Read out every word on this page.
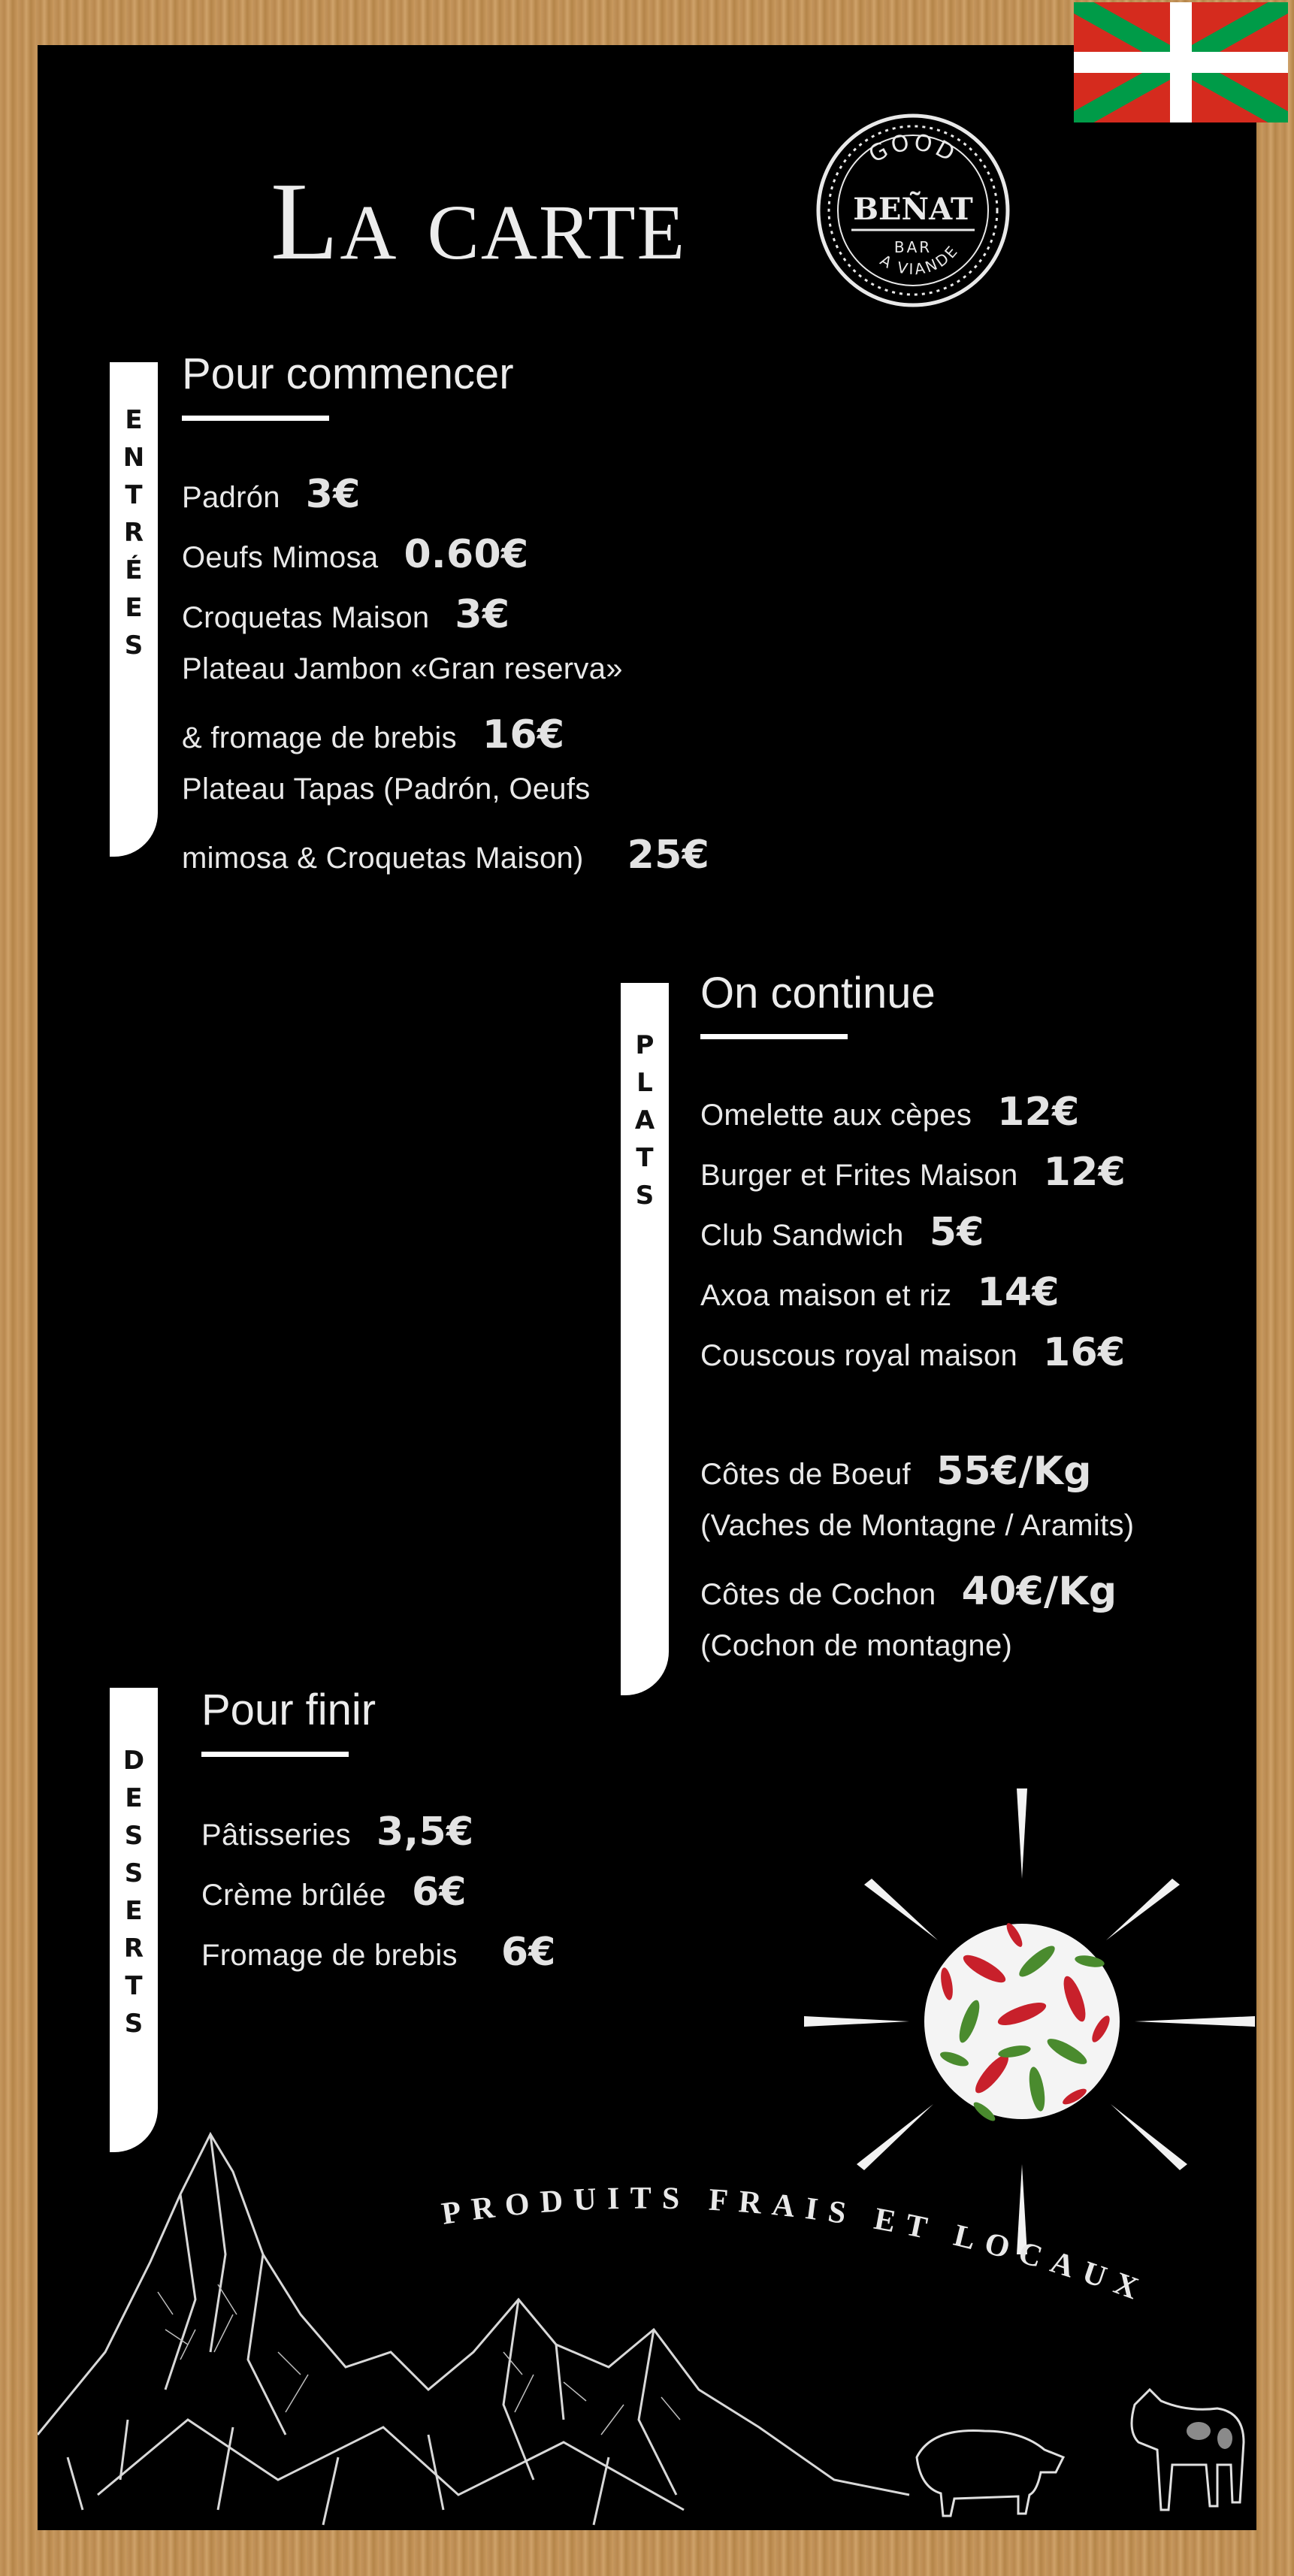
La carte
GOOD
BEÑAT
BAR
A VIANDE
E
N
T
R
É
E
S
Pour commencer
Padrón 3€
Oeufs Mimosa 0.60€
Croquetas Maison 3€
Plateau Jambon «Gran reserva»
& fromage de brebis 16€
Plateau Tapas (Padrón, Oeufs
mimosa & Croquetas Maison) 25€
P
L
A
T
S
On continue
Omelette aux cèpes 12€
Burger et Frites Maison 12€
Club Sandwich 5€
Axoa maison et riz 14€
Couscous royal maison 16€
Côtes de Boeuf 55€/Kg
(Vaches de Montagne / Aramits)
Côtes de Cochon 40€/Kg
(Cochon de montagne)
D
E
S
S
E
R
T
S
Pour finir
Pâtisseries 3,5€
Crème brûlée 6€
Fromage de brebis 6€
PRODUITS FRAIS ET LOCAUX
